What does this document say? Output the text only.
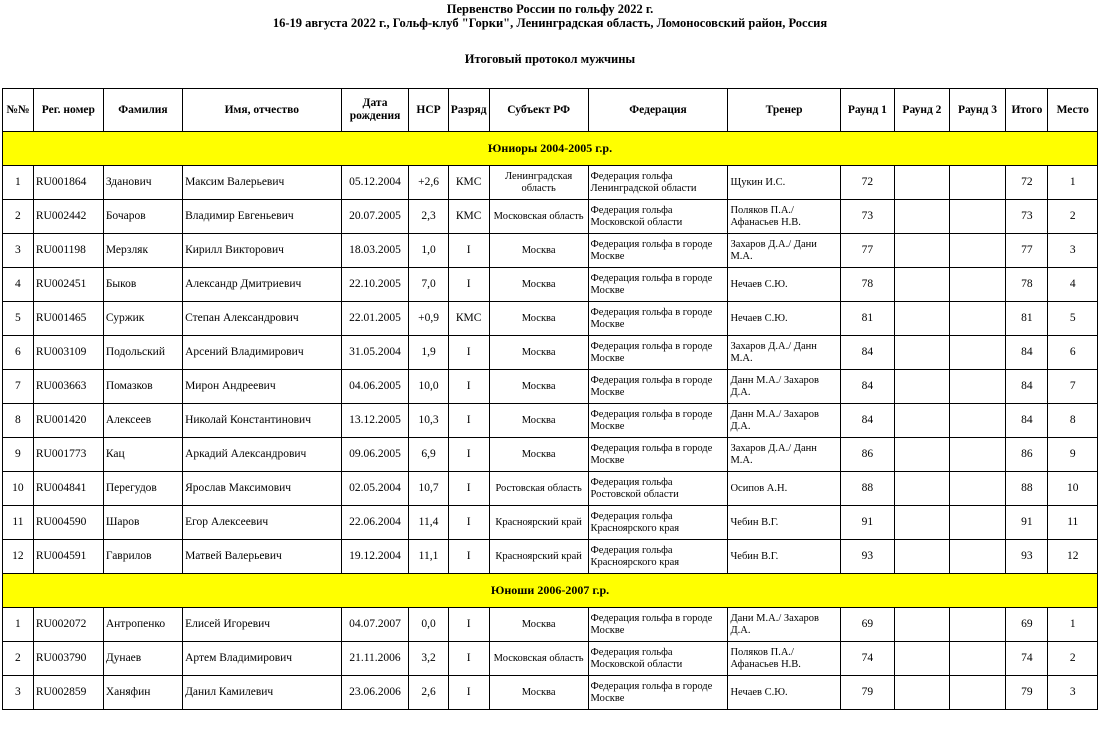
Первенство России по гольфу 2022 г.
16-19 августа 2022 г., Гольф-клуб "Горки", Ленинградская область, Ломоносовский район, Россия
Итоговый протокол мужчины
№№	Рег. номер	Фамилия	Имя, отчество	Дата рождения	HCP	Разряд	Субъект РФ	Федерация	Тренер	Раунд 1	Раунд 2	Раунд 3	Итого	Место
Юниоры 2004-2005 г.р.														
1	RU001864	Зданович	Максим Валерьевич	05.12.2004	+2,6	КМС	Ленинградская область	Федерация гольфа Ленинградской области	Щукин И.С.	72			72	1
2	RU002442	Бочаров	Владимир Евгеньевич	20.07.2005	2,3	КМС	Московская область	Федерация гольфа Московской области	Поляков П.А./ Афанасьев Н.В.	73			73	2
3	RU001198	Мерзляк	Кирилл Викторович	18.03.2005	1,0	I	Москва	Федерация гольфа в городе Москве	Захаров Д.А./ Дани М.А.	77			77	3
4	RU002451	Быков	Александр Дмитриевич	22.10.2005	7,0	I	Москва	Федерация гольфа в городе Москве	Нечаев С.Ю.	78			78	4
5	RU001465	Суржик	Степан Александрович	22.01.2005	+0,9	КМС	Москва	Федерация гольфа в городе Москве	Нечаев С.Ю.	81			81	5
6	RU003109	Подольский	Арсений Владимирович	31.05.2004	1,9	I	Москва	Федерация гольфа в городе Москве	Захаров Д.А./ Данн М.А.	84			84	6
7	RU003663	Помазков	Мирон Андреевич	04.06.2005	10,0	I	Москва	Федерация гольфа в городе Москве	Данн М.А./ Захаров Д.А.	84			84	7
8	RU001420	Алексеев	Николай Константинович	13.12.2005	10,3	I	Москва	Федерация гольфа в городе Москве	Данн М.А./ Захаров Д.А.	84			84	8
9	RU001773	Кац	Аркадий Александрович	09.06.2005	6,9	I	Москва	Федерация гольфа в городе Москве	Захаров Д.А./ Данн М.А.	86			86	9
10	RU004841	Перегудов	Ярослав Максимович	02.05.2004	10,7	I	Ростовская область	Федерация гольфа Ростовской области	Осипов А.Н.	88			88	10
11	RU004590	Шаров	Егор Алексеевич	22.06.2004	11,4	I	Красноярский край	Федерация гольфа Красноярского края	Чебин В.Г.	91			91	11
12	RU004591	Гаврилов	Матвей Валерьевич	19.12.2004	11,1	I	Красноярский край	Федерация гольфа Красноярского края	Чебин В.Г.	93			93	12
Юноши 2006-2007 г.р.														
1	RU002072	Антропенко	Елисей Игоревич	04.07.2007	0,0	I	Москва	Федерация гольфа в городе Москве	Дани М.А./ Захаров Д.А.	69			69	1
2	RU003790	Дунаев	Артем Владимирович	21.11.2006	3,2	I	Московская область	Федерация гольфа Московской области	Поляков П.А./ Афанасьев Н.В.	74			74	2
3	RU002859	Ханяфин	Данил Камилевич	23.06.2006	2,6	I	Москва	Федерация гольфа в городе Москве	Нечаев С.Ю.	79			79	3
